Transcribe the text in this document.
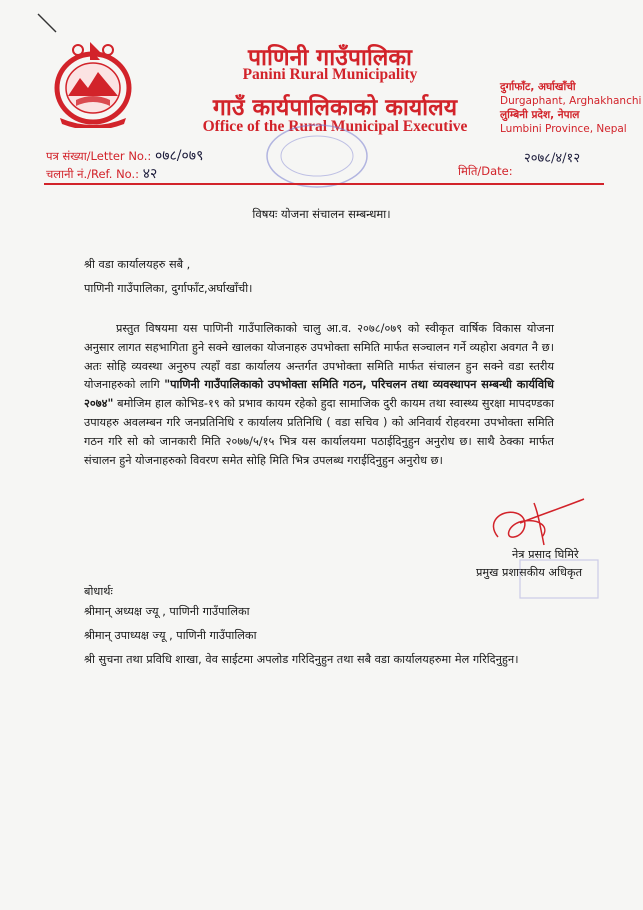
पाणिनी गाउँपालिका
Panini Rural Municipality
गाउँ कार्यपालिकाको कार्यालय
Office of the Rural Municipal Executive
दुर्गाफाँट, अर्घाखाँची
Durgaphant, Arghakhanchi
लुम्बिनी प्रदेश, नेपाल
Lumbini Province, Nepal
पत्र संख्या/Letter No.: ०७८/०७९
चलानी नं./Ref. No.: ४२
२०७८/४/१२
मिति/Date:
विषयः योजना संचालन सम्बन्धमा।
श्री वडा कार्यालयहरु सबै ,
पाणिनी गाउँपालिका, दुर्गाफाँट,अर्घाखाँची।

प्रस्तुत विषयमा यस पाणिनी गाउँपालिकाको चालु आ.व. २०७८/०७९ को स्वीकृत वार्षिक विकास योजना अनुसार लागत सहभागिता हुने सक्ने खालका योजनाहरु उपभोक्ता समिति मार्फत सञ्चालन गर्ने व्यहोरा अवगत नै छ। अतः सोहि व्यवस्था अनुरुप त्यहाँ वडा कार्यालय अन्तर्गत उपभोक्ता समिति मार्फत संचालन हुन सक्ने वडा स्तरीय योजनाहरुको लागि "पाणिनी गाउँपालिकाको उपभोक्ता समिति गठन, परिचलन तथा व्यवस्थापन सम्बन्धी कार्यविधि २०७४" बमोजिम हाल कोभिड-१९ को प्रभाव कायम रहेको हुदा सामाजिक दुरी कायम तथा स्वास्थ्य सुरक्षा मापदण्डका उपायहरु अवलम्बन गरि जनप्रतिनिधि र कार्यालय प्रतिनिधि ( वडा सचिव ) को अनिवार्य रोहवरमा उपभोक्ता समिति गठन गरि सो को जानकारी मिति २०७७/५/१५ भित्र यस कार्यालयमा पठाईदिनुहुन अनुरोध छ। साथै ठेक्का मार्फत संचालन हुने योजनाहरुको विवरण समेत सोहि मिति भित्र उपलब्ध गराईदिनुहुन अनुरोध छ।

नेत्र प्रसाद घिमिरे
प्रमुख प्रशासकीय अधिकृत
बोधार्थः
श्रीमान् अध्यक्ष ज्यू , पाणिनी गाउँपालिका
श्रीमान् उपाध्यक्ष ज्यू , पाणिनी गाउँपालिका
श्री सुचना तथा प्रविधि शाखा, वेव साईटमा अपलोड गरिदिनुहुन तथा सबै वडा कार्यालयहरुमा मेल गरिदिनुहुन।
